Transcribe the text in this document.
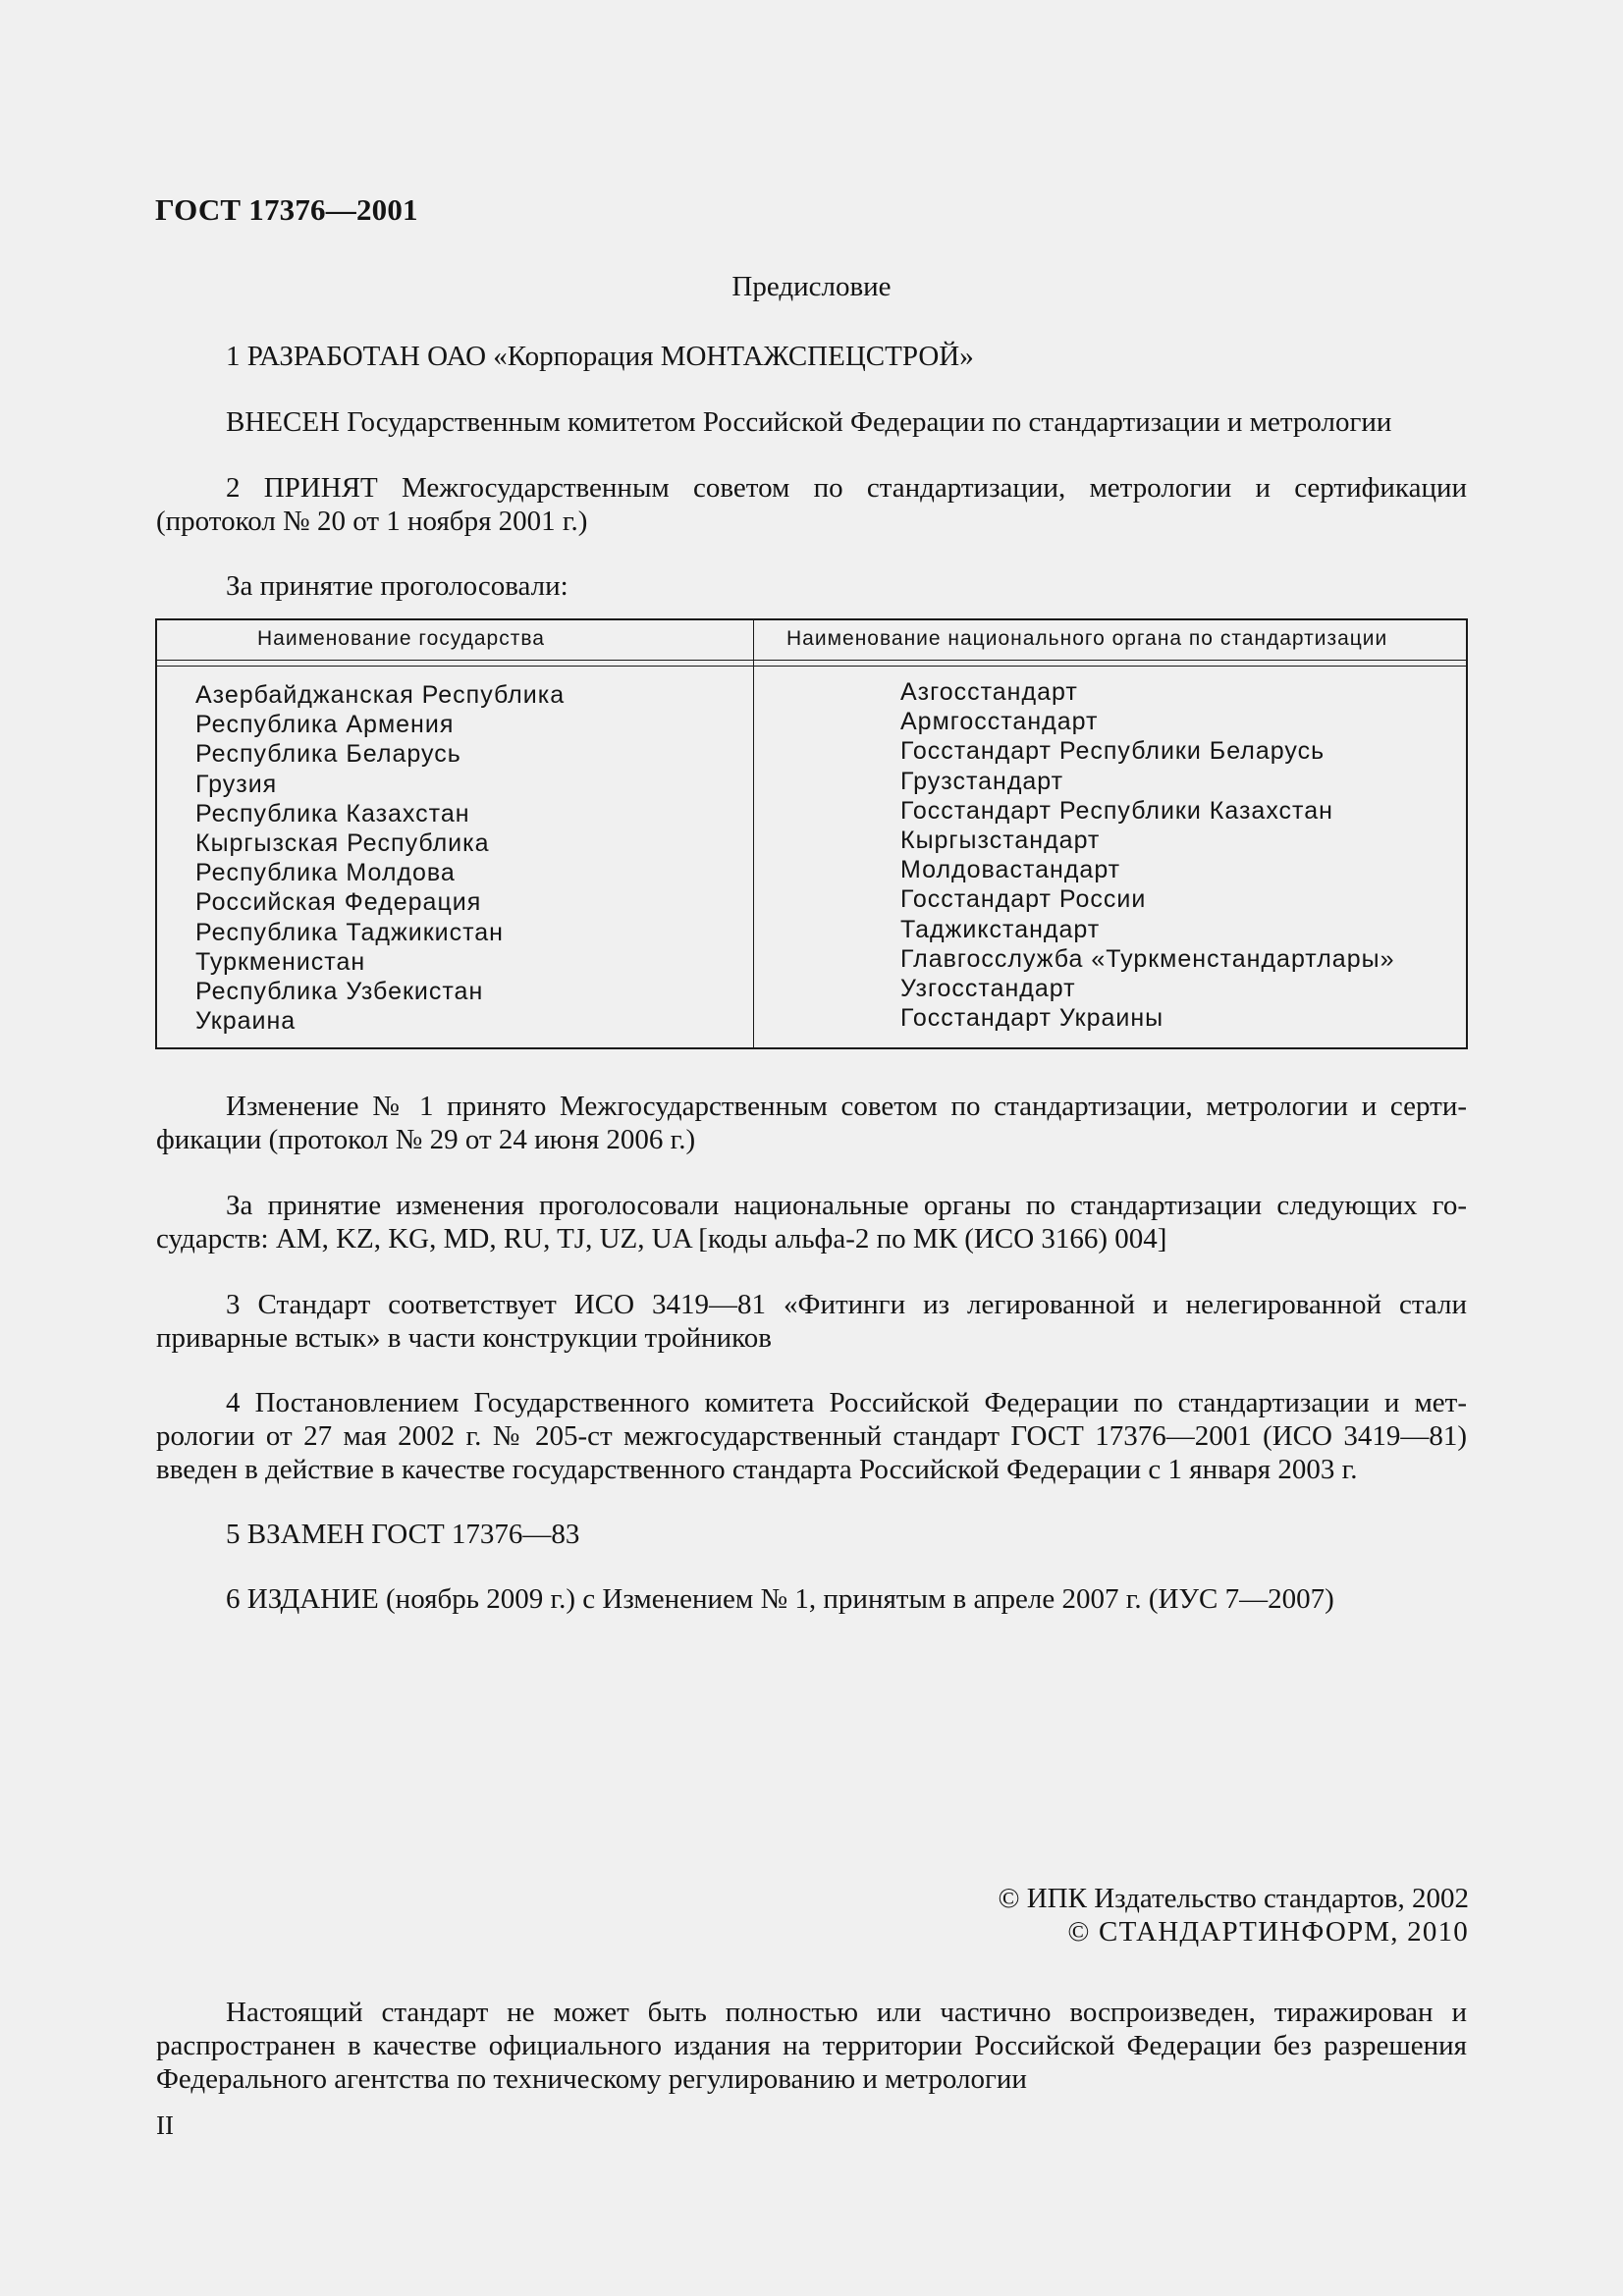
ГОСТ 17376—2001
Предисловие
1 РАЗРАБОТАН ОАО «Корпорация МОНТАЖСПЕЦСТРОЙ»
ВНЕСЕН Государственным комитетом Российской Федерации по стандартизации и метрологии
2 ПРИНЯТ Межгосударственным советом по стандартизации, метрологии и сертификации
(протокол № 20 от 1 ноября 2001 г.)
За принятие проголосовали:
Наименование государства	Наименование национального органа по стандартизации
Азербайджанская Республика
Республика Армения
Республика Беларусь
Грузия
Республика Казахстан
Кыргызская Республика
Республика Молдова
Российская Федерация
Республика Таджикистан
Туркменистан
Республика Узбекистан
Украина
Азгосстандарт
Армгосстандарт
Госстандарт Республики Беларусь
Грузстандарт
Госстандарт Республики Казахстан
Кыргызстандарт
Молдовастандарт
Госстандарт России
Таджикстандарт
Главгосслужба «Туркменстандартлары»
Узгосстандарт
Госстандарт Украины
Изменение № 1 принято Межгосударственным советом по стандартизации, метрологии и серти-
фикации (протокол № 29 от 24 июня 2006 г.)
За принятие изменения проголосовали национальные органы по стандартизации следующих го-
сударств: AM, KZ, KG, MD, RU, TJ, UZ, UA [коды альфа-2 по МК (ИСО 3166) 004]
3 Стандарт соответствует ИСО 3419—81 «Фитинги из легированной и нелегированной стали
приварные встык» в части конструкции тройников
4 Постановлением Государственного комитета Российской Федерации по стандартизации и мет-
рологии от 27 мая 2002 г. № 205-ст межгосударственный стандарт ГОСТ 17376—2001 (ИСО 3419—81)
введен в действие в качестве государственного стандарта Российской Федерации с 1 января 2003 г.
5 ВЗАМЕН ГОСТ 17376—83
6 ИЗДАНИЕ (ноябрь 2009 г.) с Изменением № 1, принятым в апреле 2007 г. (ИУС 7—2007)
© ИПК Издательство стандартов, 2002
© СТАНДАРТИНФОРМ, 2010
Настоящий стандарт не может быть полностью или частично воспроизведен, тиражирован и
распространен в качестве официального издания на территории Российской Федерации без разрешения
Федерального агентства по техническому регулированию и метрологии
II
